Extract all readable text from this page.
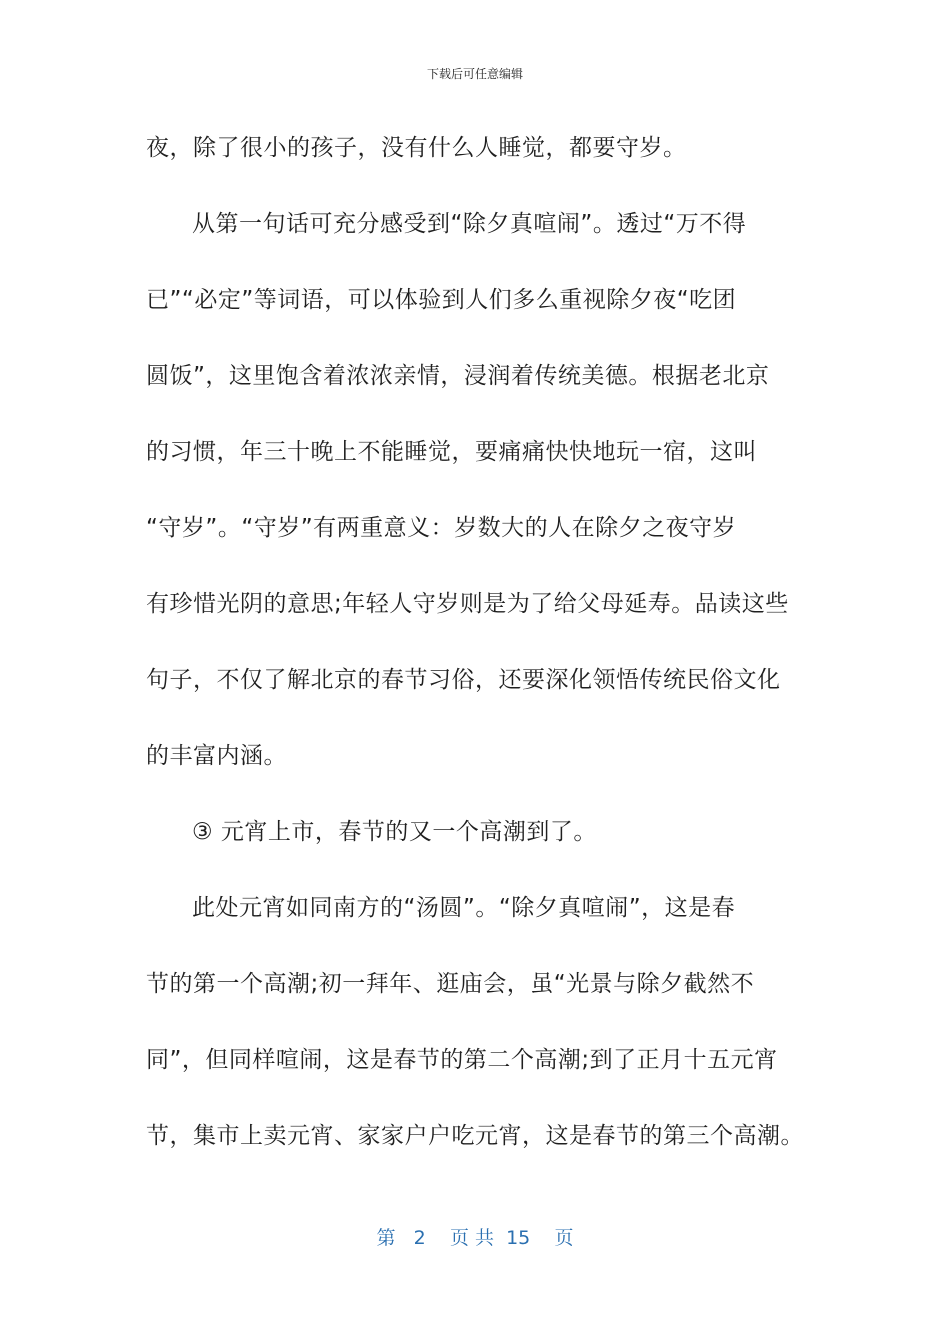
下载后可任意编辑
夜，除了很小的孩子，没有什么人睡觉，都要守岁。
从第一句话可充分感受到“除夕真喧闹”。透过“万不得
已”“必定”等词语，可以体验到人们多么重视除夕夜“吃团
圆饭”，这里饱含着浓浓亲情，浸润着传统美德。根据老北京
的习惯，年三十晚上不能睡觉，要痛痛快快地玩一宿，这叫
“守岁”。“守岁”有两重意义：岁数大的人在除夕之夜守岁
有珍惜光阴的意思;年轻人守岁则是为了给父母延寿。品读这些
句子，不仅了解北京的春节习俗，还要深化领悟传统民俗文化
的丰富内涵。
③ 元宵上市，春节的又一个高潮到了。
此处元宵如同南方的“汤圆”。“除夕真喧闹”，这是春
节的第一个高潮;初一拜年、逛庙会，虽“光景与除夕截然不
同”，但同样喧闹，这是春节的第二个高潮;到了正月十五元宵
节，集市上卖元宵、家家户户吃元宵，这是春节的第三个高潮。
第 2 页 共 15 页
